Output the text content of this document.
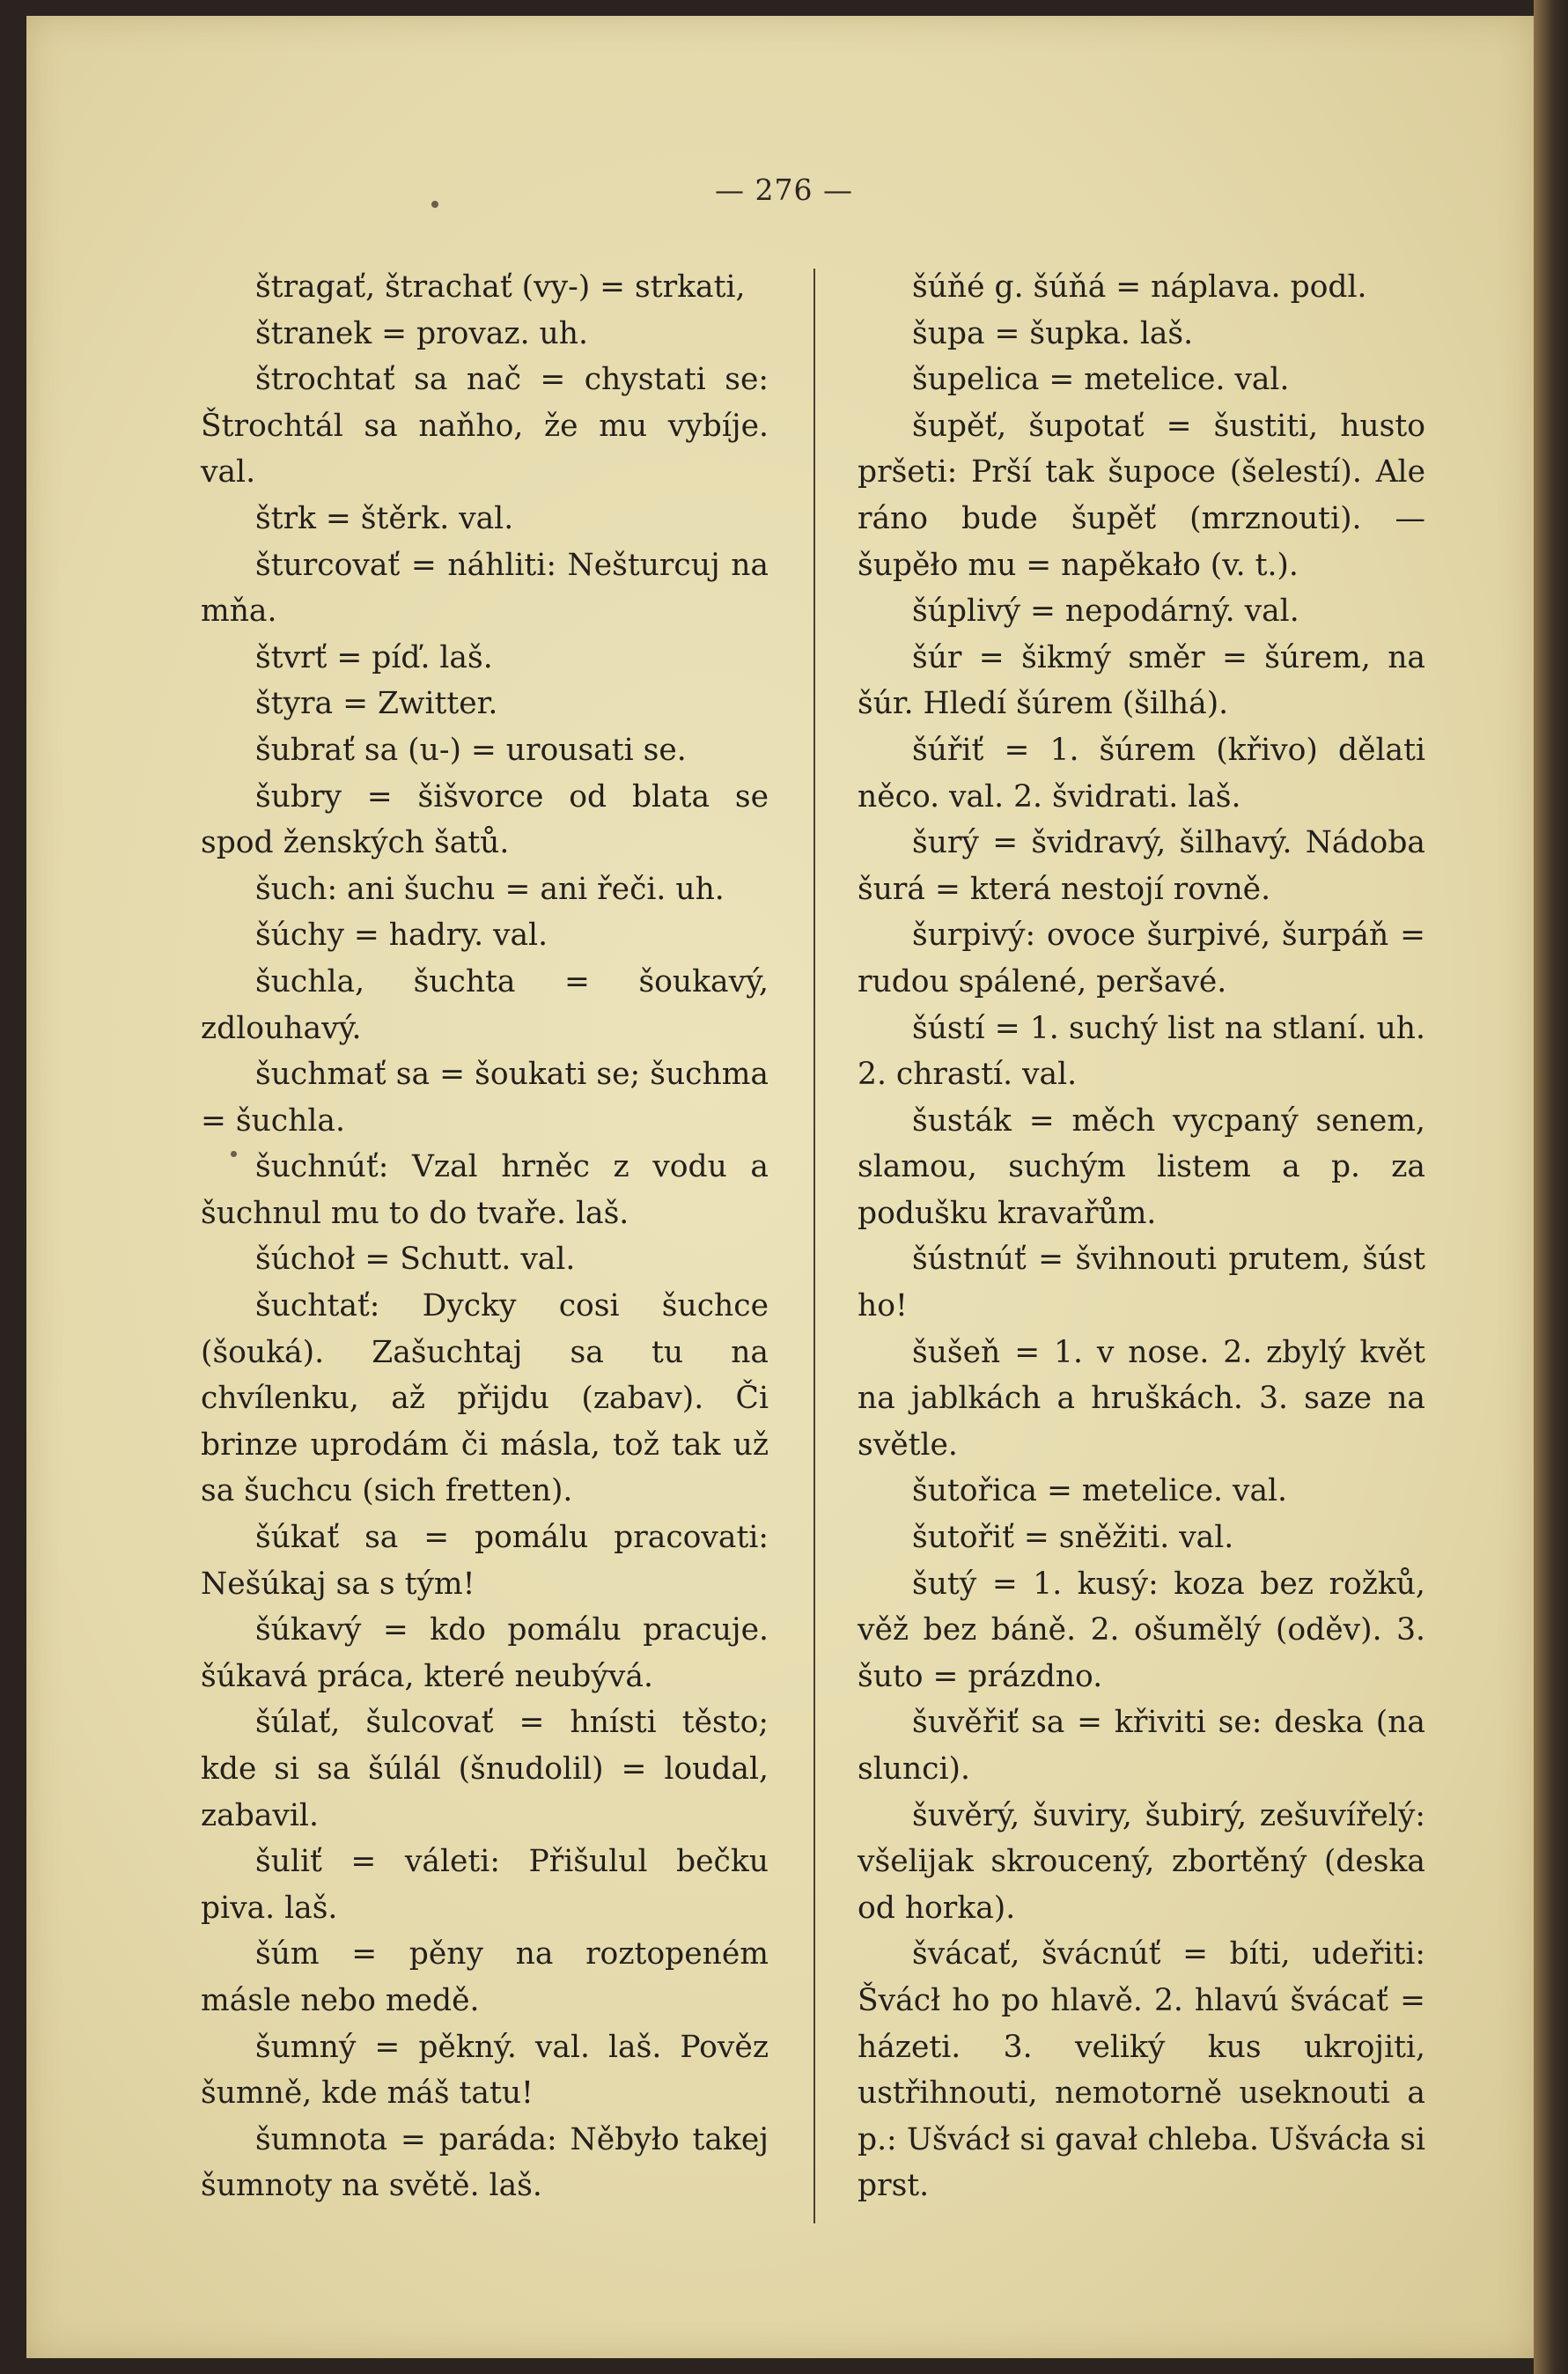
— 276 —

štragať, štrachať (vy-) = strkati,

štranek = provaz. uh.

štrochtať sa nač = chystati se: Štrochtál sa naňho, že mu vybíje. val.

štrk = štěrk. val.

šturcovať = náhliti: Nešturcuj na mňa.

štvrť = píď. laš.

štyra = Zwitter.

šubrať sa (u-) = urousati se.

šubry = šišvorce od blata se spod ženských šatů.

šuch: ani šuchu = ani řeči. uh.

šúchy = hadry. val.

šuchla, šuchta = šoukavý, zdlouhavý.

šuchmať sa = šoukati se; šuchma = šuchla.

šuchnúť: Vzal hrněc z vodu a šuchnul mu to do tvaře. laš.

šúchoł = Schutt. val.

šuchtať: Dycky cosi šuchce (šouká). Zašuchtaj sa tu na chvílenku, až přijdu (zabav). Či brinze uprodám či másla, tož tak už sa šuchcu (sich fretten).

šúkať sa = pomálu pracovati: Nešúkaj sa s tým!

šúkavý = kdo pomálu pracuje. šúkavá práca, které neubývá.

šúlať, šulcovať = hnísti těsto; kde si sa šúlál (šnudolil) = loudal, zabavil.

šuliť = váleti: Přišulul bečku piva. laš.

šúm = pěny na roztopeném másle nebo medě.

šumný = pěkný. val. laš. Pověz šumně, kde máš tatu!

šumnota = paráda: Něbyło takej šumnoty na světě. laš.

šúňé g. šúňá = náplava. podl.

šupa = šupka. laš.

šupelica = metelice. val.

šupěť, šupotať = šustiti, husto pršeti: Prší tak šupoce (šelestí). Ale ráno bude šupěť (mrznouti). — šupěło mu = napěkało (v. t.).

šúplivý = nepodárný. val.

šúr = šikmý směr = šúrem, na šúr. Hledí šúrem (šilhá).

šúřiť = 1. šúrem (křivo) dělati něco. val. 2. švidrati. laš.

šurý = švidravý, šilhavý. Nádoba šurá = která nestojí rovně.

šurpivý: ovoce šurpivé, šurpáň = rudou spálené, peršavé.

šústí = 1. suchý list na stlaní. uh. 2. chrastí. val.

šusták = měch vycpaný senem, slamou, suchým listem a p. za podušku kravařům.

šústnúť = švihnouti prutem, šúst ho!

šušeň = 1. v nose. 2. zbylý květ na jablkách a hruškách. 3. saze na světle.

šutořica = metelice. val.

šutořiť = sněžiti. val.

šutý = 1. kusý: koza bez rožků, věž bez báně. 2. ošumělý (oděv). 3. šuto = prázdno.

šuvěřiť sa = křiviti se: deska (na slunci).

šuvěrý, šuviry, šubirý, zešuvířelý: všelijak skroucený, zbortěný (deska od horka).

švácať, švácnúť = bíti, udeřiti: Švácł ho po hlavě. 2. hlavú švácať = házeti. 3. veliký kus ukrojiti, ustřihnouti, nemotorně useknouti a p.: Ušvácł si gavał chleba. Ušvácła si prst.
